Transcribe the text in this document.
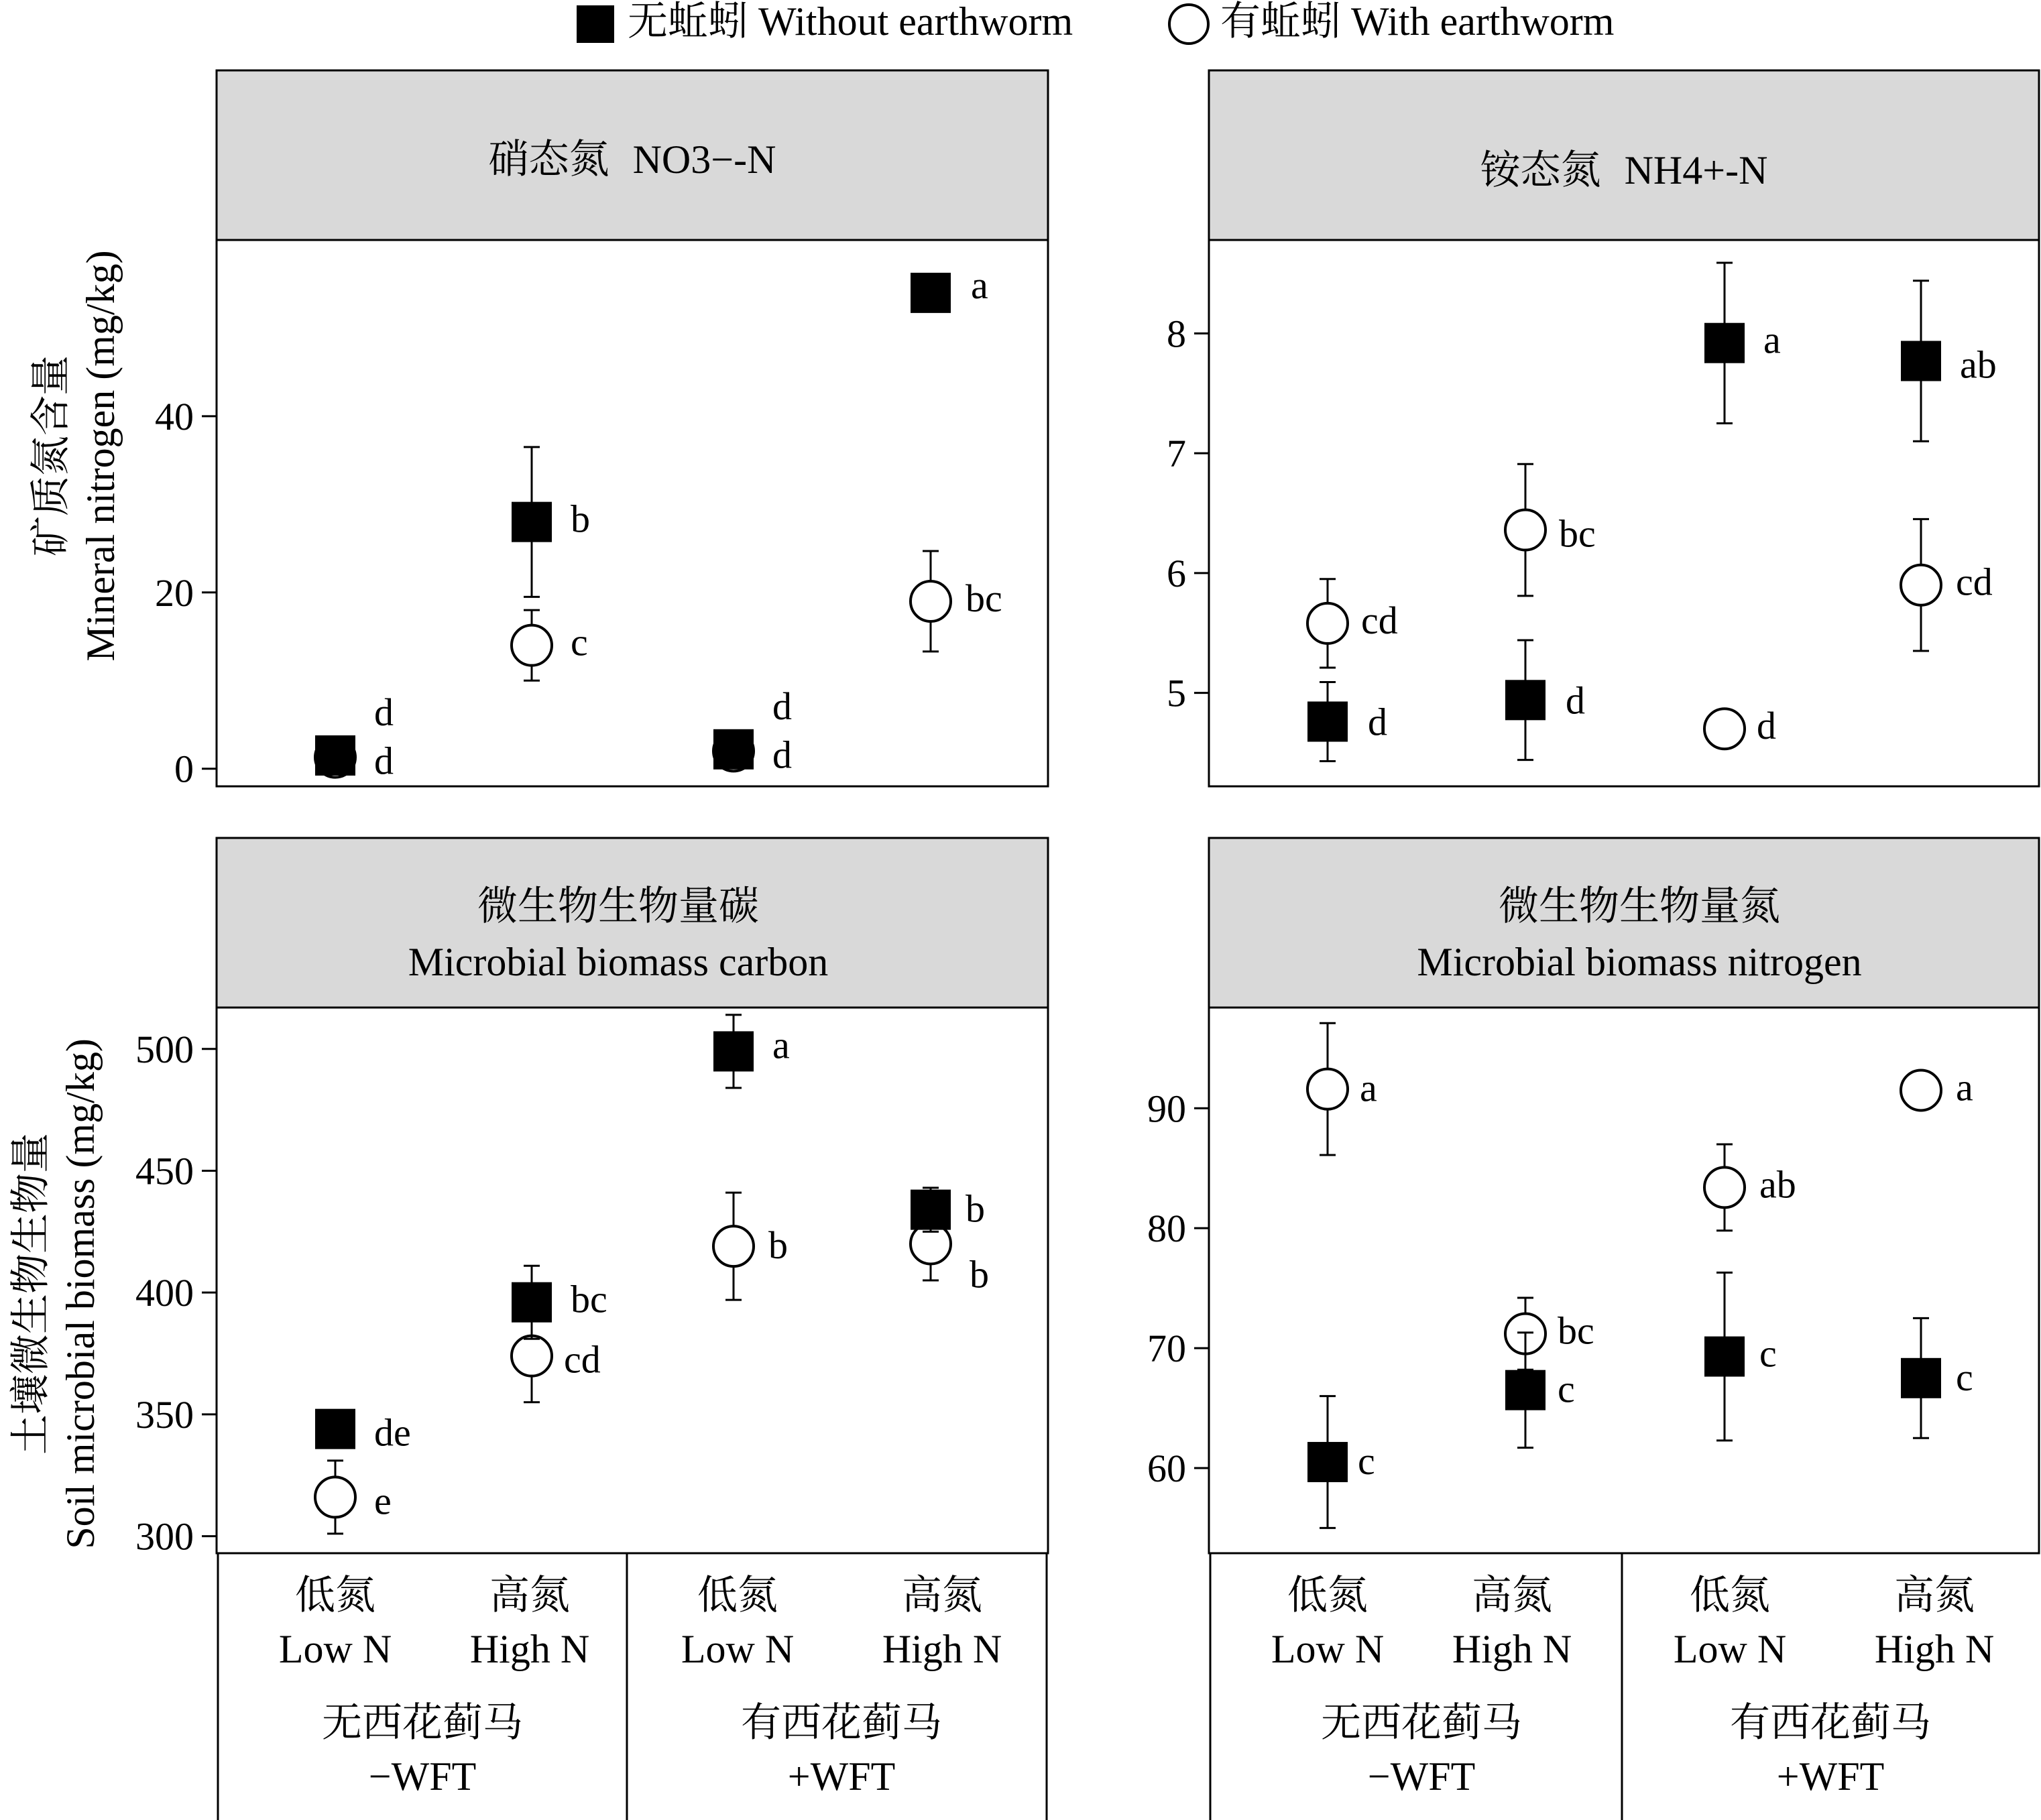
无蚯蚓 Without earthworm	有蚯蚓 With earthworm
矿质氮含量 Mineral nitrogen (mg/kg)
土壤微生物生物量 Soil microbial biomass (mg/kg)
硝态氮 NO3−-N	铵态氮 NH4+-N
微生物生物量碳
Microbial biomass carbon
微生物生物量氮
Microbial biomass nitrogen
低氮
Low N
高氮
High N
低氮
Low N
高氮
High N
无西花蓟马
−WFT
有西花蓟马
+WFT
低氮
Low N
高氮
High N
低氮
Low N
高氮
High N
无西花蓟马
−WFT
有西花蓟马
+WFT
0
20
40
d
c
d
bc
d
b
d
a
5
6
7
8
cd
bc
d
cd
d	d
a
ab
300
350
400
450
500
e
cd
b
b
de
bc
a
b
60
70
80
90	a
bc
ab
a
c
c
c
c
